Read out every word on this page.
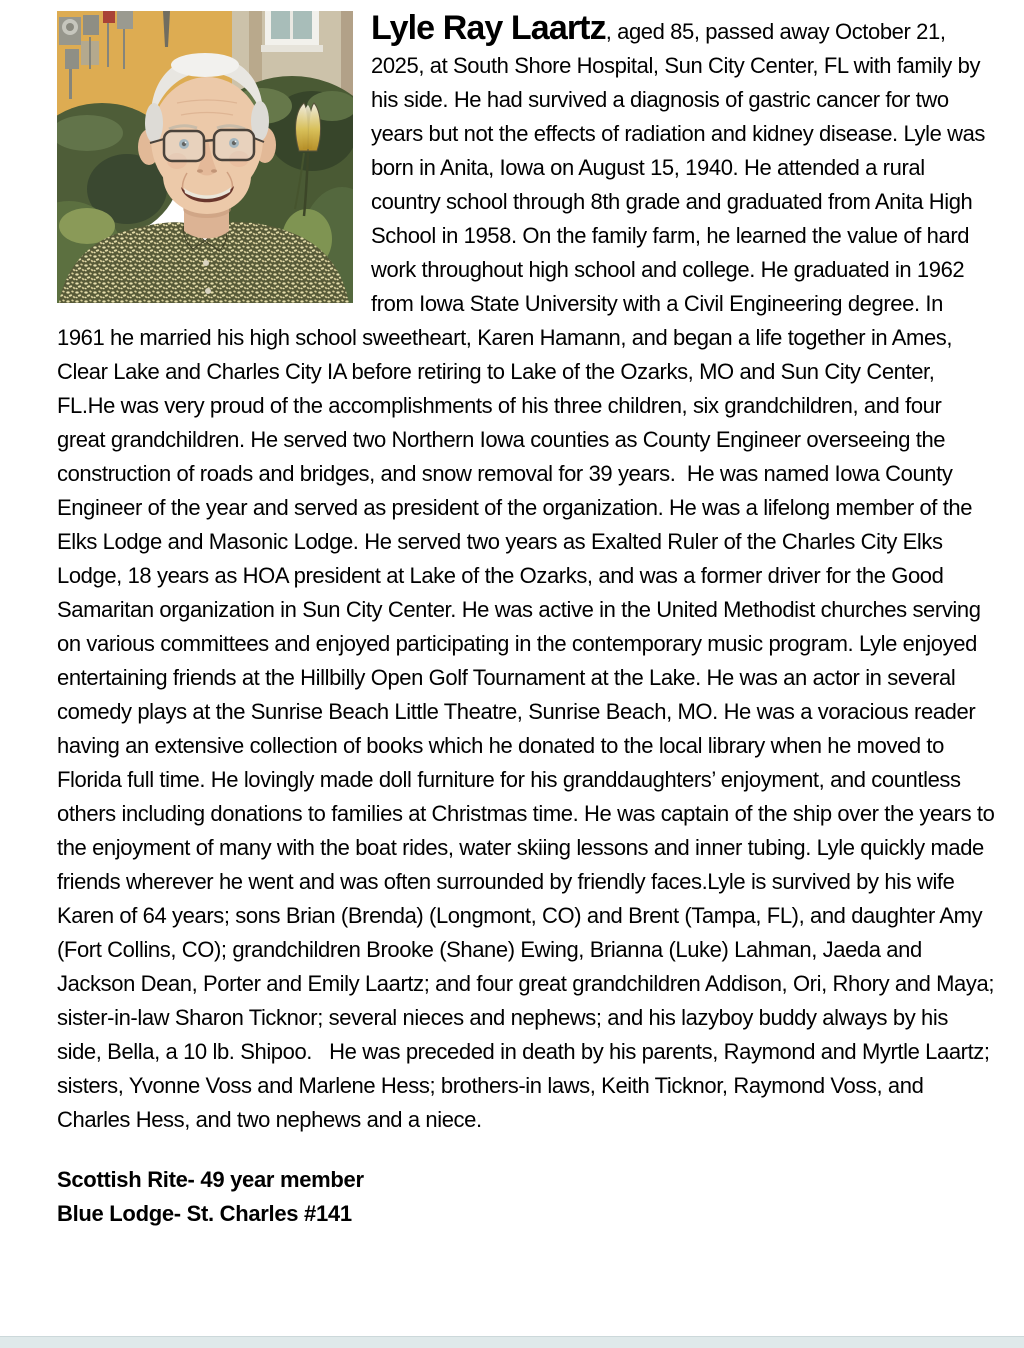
Lyle Ray Laartz, aged 85, passed away October 21, 2025, at South Shore Hospital, Sun City Center, FL with family by his side. He had survived a diagnosis of gastric cancer for two years but not the effects of radiation and kidney disease. Lyle was born in Anita, Iowa on August 15, 1940. He attended a rural country school through 8th grade and graduated from Anita High School in 1958. On the family farm, he learned the value of hard work throughout high school and college. He graduated in 1962 from Iowa State University with a Civil Engineering degree. In 1961 he married his high school sweetheart, Karen Hamann, and began a life together in Ames, Clear Lake and Charles City IA before retiring to Lake of the Ozarks, MO and Sun City Center, FL.He was very proud of the accomplishments of his three children, six grandchildren, and four great grandchildren. He served two Northern Iowa counties as County Engineer overseeing the construction of roads and bridges, and snow removal for 39 years.  He was named Iowa County Engineer of the year and served as president of the organization. He was a lifelong member of the Elks Lodge and Masonic Lodge. He served two years as Exalted Ruler of the Charles City Elks Lodge, 18 years as HOA president at Lake of the Ozarks, and was a former driver for the Good Samaritan organization in Sun City Center. He was active in the United Methodist churches serving on various committees and enjoyed participating in the contemporary music program. Lyle enjoyed entertaining friends at the Hillbilly Open Golf Tournament at the Lake. He was an actor in several comedy plays at the Sunrise Beach Little Theatre, Sunrise Beach, MO. He was a voracious reader having an extensive collection of books which he donated to the local library when he moved to Florida full time. He lovingly made doll furniture for his granddaughters’ enjoyment, and countless others including donations to families at Christmas time. He was captain of the ship over the years to the enjoyment of many with the boat rides, water skiing lessons and inner tubing. Lyle quickly made friends wherever he went and was often surrounded by friendly faces.Lyle is survived by his wife Karen of 64 years; sons Brian (Brenda) (Longmont, CO) and Brent (Tampa, FL), and daughter Amy (Fort Collins, CO); grandchildren Brooke (Shane) Ewing, Brianna (Luke) Lahman, Jaeda and Jackson Dean, Porter and Emily Laartz; and four great grandchildren Addison, Ori, Rhory and Maya; sister-in-law Sharon Ticknor; several nieces and nephews; and his lazyboy buddy always by his side, Bella, a 10 lb. Shipoo.   He was preceded in death by his parents, Raymond and Myrtle Laartz; sisters, Yvonne Voss and Marlene Hess; brothers-in laws, Keith Ticknor, Raymond Voss, and Charles Hess, and two nephews and a niece.

Scottish Rite- 49 year member
Blue Lodge- St. Charles #141
